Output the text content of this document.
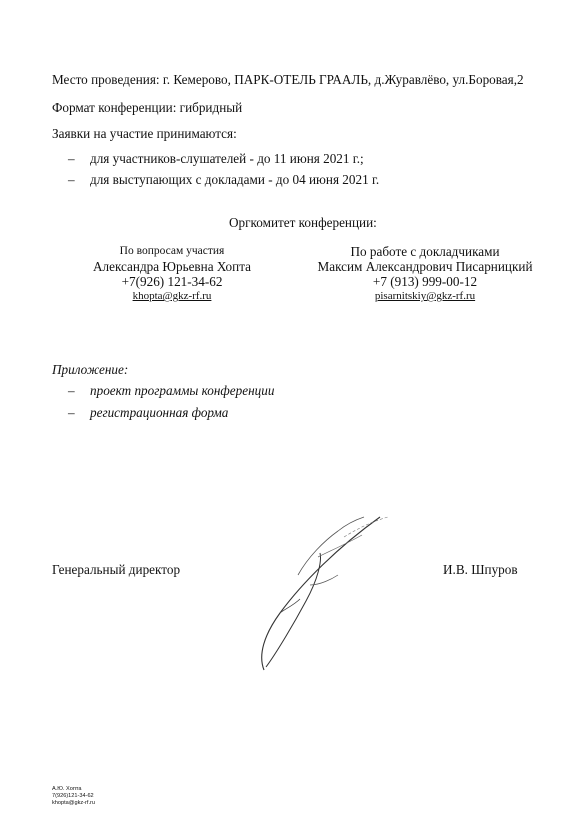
Место проведения: г. Кемерово, ПАРК-ОТЕЛЬ ГРААЛЬ, д.Журавлёво, ул.Боровая,2
Формат конференции: гибридный
Заявки на участие принимаются:
– для участников-слушателей - до 11 июня 2021 г.;
– для выступающих с докладами - до 04 июня 2021 г.
Оргкомитет конференции:
По вопросам участия
Александра Юрьевна Хопта
+7(926) 121-34-62
khopta@gkz-rf.ru
По работе с докладчиками
Максим Александрович Писарницкий
+7 (913) 999-00-12
pisarnitskiy@gkz-rf.ru
Приложение:
– проект программы конференции
– регистрационная форма
Генеральный директор	И.В. Шпуров
А.Ю. Хопта
7(926)121-34-62
khopta@gkz-rf.ru
